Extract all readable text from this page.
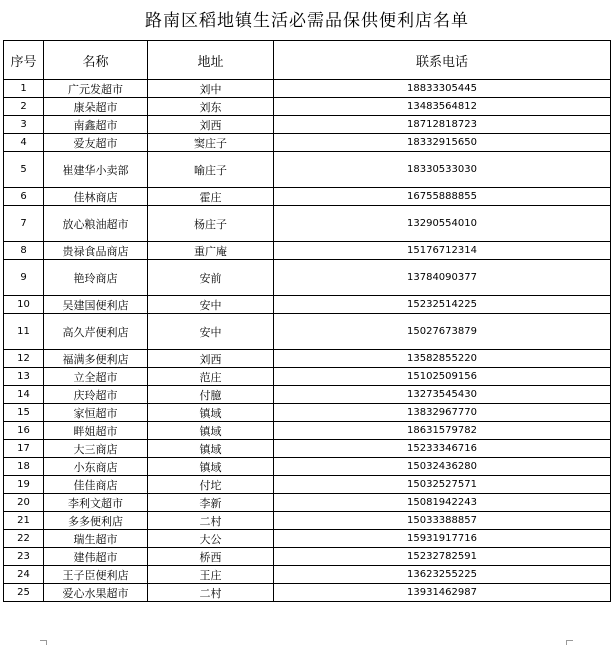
路南区稻地镇生活必需品保供便利店名单
序号	名称	地址	联系电话
1	广元发超市	刘中	18833305445
2	康朵超市	刘东	13483564812
3	南鑫超市	刘西	18712818723
4	爱友超市	窦庄子	18332915650
5	崔建华小卖部	喻庄子	18330533030
6	佳林商店	霍庄	16755888855
7	放心粮油超市	杨庄子	13290554010
8	贵禄食品商店	重广庵	15176712314
9	艳玲商店	安前	13784090377
10	吴建国便利店	安中	15232514225
11	高久芹便利店	安中	15027673879
12	福满多便利店	刘西	13582855220
13	立全超市	范庄	15102509156
14	庆玲超市	付臆	13273545430
15	家恒超市	镇域	13832967770
16	畔姐超市	镇域	18631579782
17	大三商店	镇域	15233346716
18	小东商店	镇域	15032436280
19	佳佳商店	付坨	15032527571
20	李利文超市	李新	15081942243
21	多多便利店	二村	15033388857
22	瑞生超市	大公	15931917716
23	建伟超市	桥西	15232782591
24	王子臣便利店	王庄	13623255225
25	爱心水果超市	二村	13931462987
